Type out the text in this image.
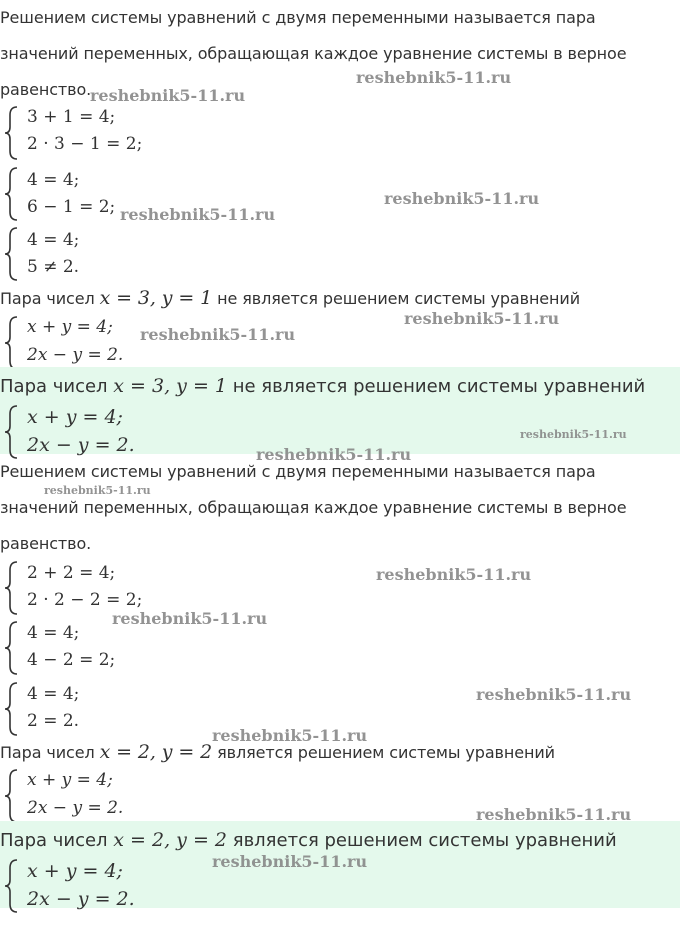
Решением системы уравнений с двумя переменными называется пара
значений переменных, обращающая каждое уравнение системы в верное
равенство.
3 + 1 = 4;
2 · 3 − 1 = 2;
4 = 4;
6 − 1 = 2;
4 = 4;
5 ≠ 2.
Пара чисел x = 3, y = 1 не является решением системы уравнений
x + y = 4;
2x − y = 2.
Пара чисел x = 3, y = 1 не является решением системы уравнений
x + y = 4;
2x − y = 2.
Решением системы уравнений с двумя переменными называется пара
значений переменных, обращающая каждое уравнение системы в верное
равенство.
2 + 2 = 4;
2 · 2 − 2 = 2;
4 = 4;
4 − 2 = 2;
4 = 4;
2 = 2.
Пара чисел x = 2, y = 2 является решением системы уравнений
x + y = 4;
2x − y = 2.
Пара чисел x = 2, y = 2 является решением системы уравнений
x + y = 4;
2x − y = 2.
reshebnik5-11.ru
reshebnik5-11.ru
reshebnik5-11.ru
reshebnik5-11.ru
reshebnik5-11.ru
reshebnik5-11.ru
reshebnik5-11.ru
reshebnik5-11.ru
reshebnik5-11.ru
reshebnik5-11.ru
reshebnik5-11.ru
reshebnik5-11.ru
reshebnik5-11.ru
reshebnik5-11.ru
reshebnik5-11.ru
